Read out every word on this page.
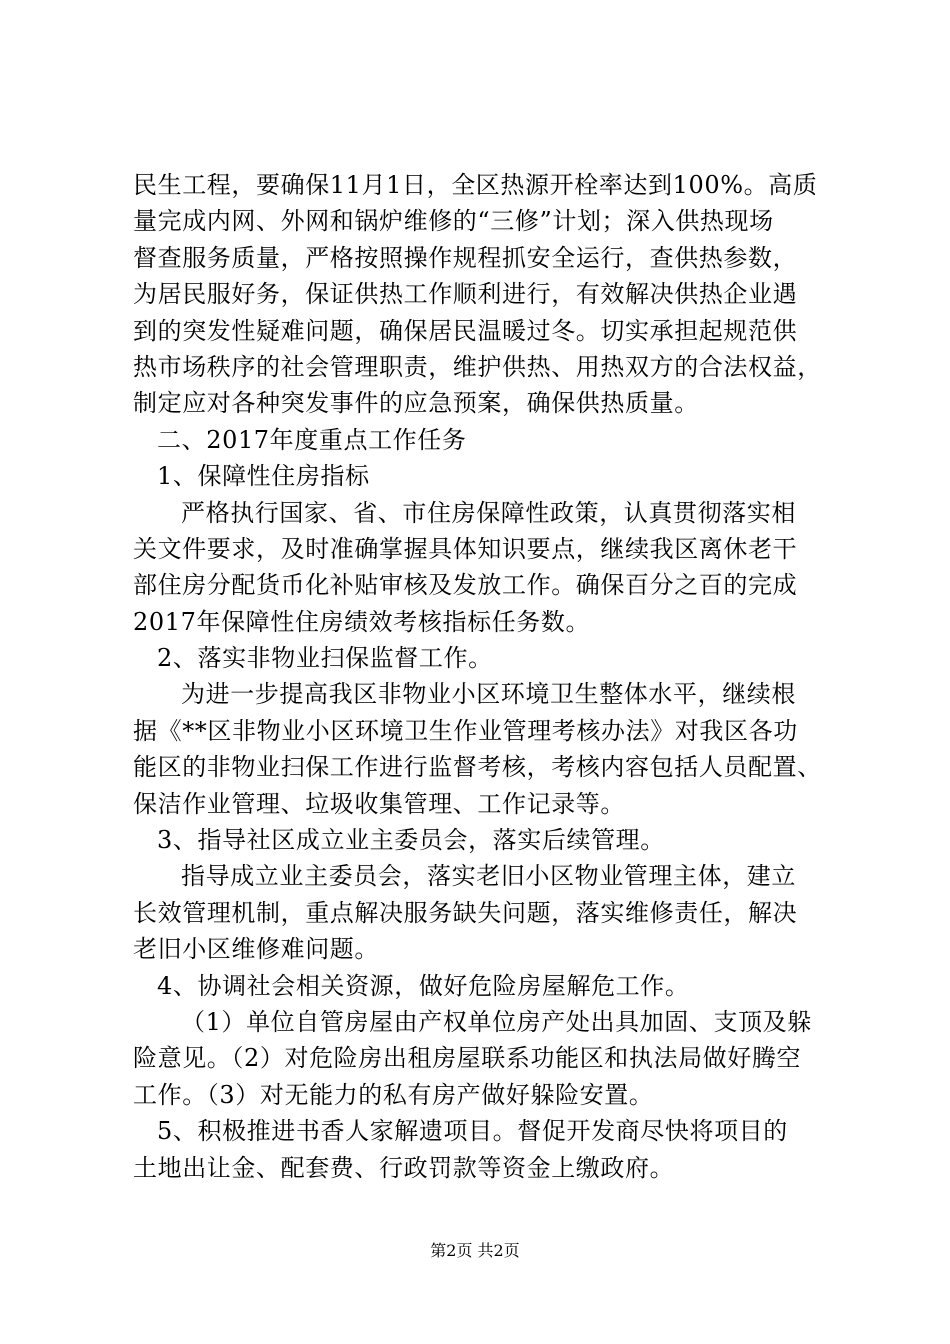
民生工程，要确保11月1日，全区热源开栓率达到100%。高质
量完成内网、外网和锅炉维修的“三修”计划；深入供热现场
督查服务质量，严格按照操作规程抓安全运行，查供热参数，
为居民服好务，保证供热工作顺利进行，有效解决供热企业遇
到的突发性疑难问题，确保居民温暖过冬。切实承担起规范供
热市场秩序的社会管理职责，维护供热、用热双方的合法权益，
制定应对各种突发事件的应急预案，确保供热质量。
二、2017年度重点工作任务
1、保障性住房指标
严格执行国家、省、市住房保障性政策，认真贯彻落实相
关文件要求，及时准确掌握具体知识要点，继续我区离休老干
部住房分配货币化补贴审核及发放工作。确保百分之百的完成
2017年保障性住房绩效考核指标任务数。
2、落实非物业扫保监督工作。
为进一步提高我区非物业小区环境卫生整体水平，继续根
据《**区非物业小区环境卫生作业管理考核办法》对我区各功
能区的非物业扫保工作进行监督考核，考核内容包括人员配置、
保洁作业管理、垃圾收集管理、工作记录等。
3、指导社区成立业主委员会，落实后续管理。
指导成立业主委员会，落实老旧小区物业管理主体，建立
长效管理机制，重点解决服务缺失问题，落实维修责任，解决
老旧小区维修难问题。
4、协调社会相关资源，做好危险房屋解危工作。
（1）单位自管房屋由产权单位房产处出具加固、支顶及躲
险意见。（2）对危险房出租房屋联系功能区和执法局做好腾空
工作。（3）对无能力的私有房产做好躲险安置。
5、积极推进书香人家解遗项目。督促开发商尽快将项目的
土地出让金、配套费、行政罚款等资金上缴政府。
第2页 共2页
